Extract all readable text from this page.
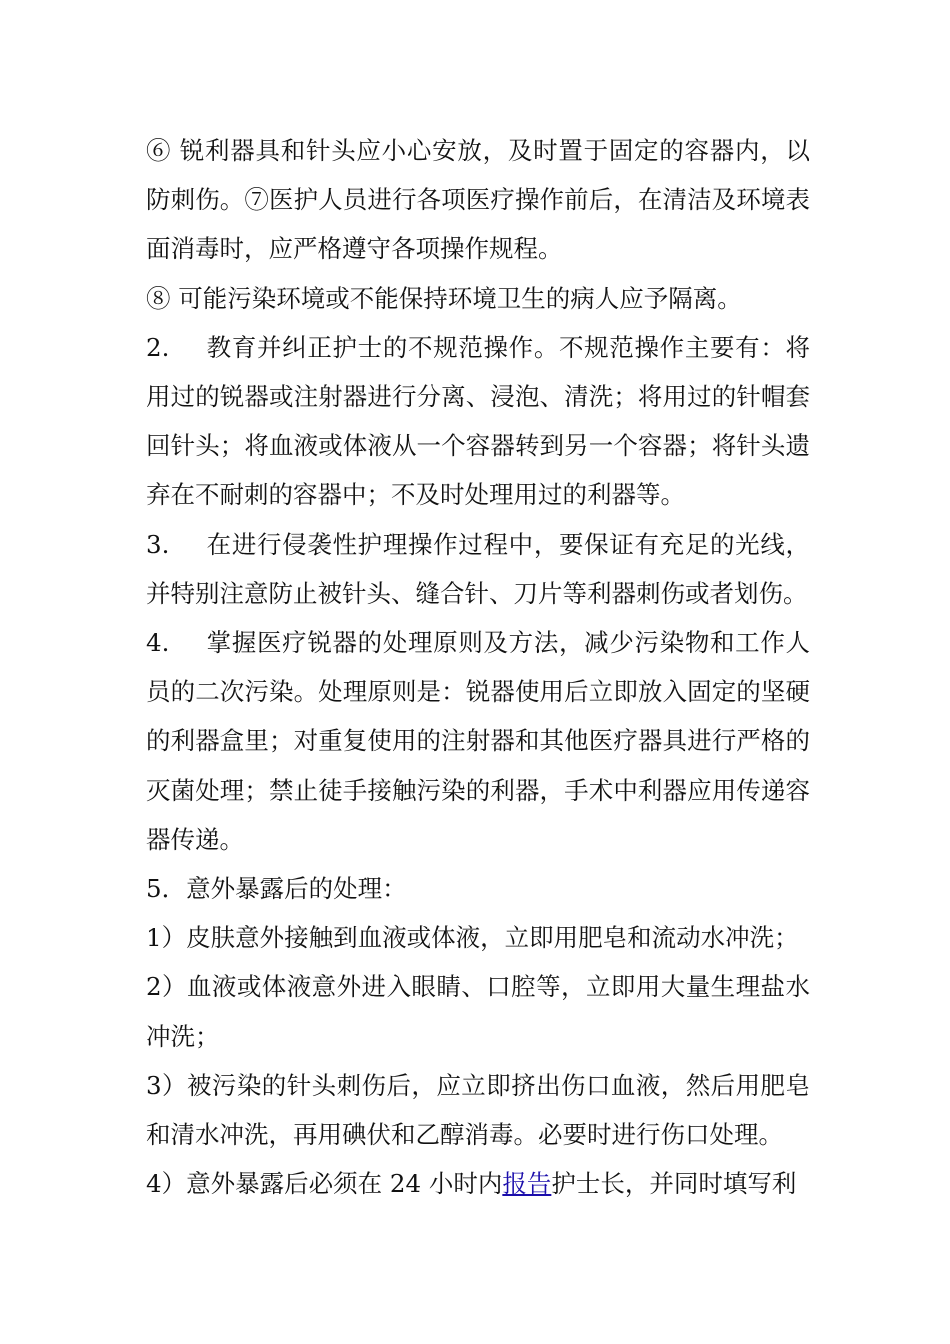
⑥ 锐利器具和针头应小心安放，及时置于固定的容器内，以防刺伤。⑦医护人员进行各项医疗操作前后，在清洁及环境表面消毒时，应严格遵守各项操作规程。

⑧ 可能污染环境或不能保持环境卫生的病人应予隔离。

2. 教育并纠正护士的不规范操作。不规范操作主要有：将用过的锐器或注射器进行分离、浸泡、清洗；将用过的针帽套回针头；将血液或体液从一个容器转到另一个容器；将针头遗弃在不耐刺的容器中；不及时处理用过的利器等。

3. 在进行侵袭性护理操作过程中，要保证有充足的光线，并特别注意防止被针头、缝合针、刀片等利器刺伤或者划伤。

4. 掌握医疗锐器的处理原则及方法，减少污染物和工作人员的二次污染。处理原则是：锐器使用后立即放入固定的坚硬的利器盒里；对重复使用的注射器和其他医疗器具进行严格的灭菌处理；禁止徒手接触污染的利器，手术中利器应用传递容器传递。

5．意外暴露后的处理：

1）皮肤意外接触到血液或体液，立即用肥皂和流动水冲洗；

2）血液或体液意外进入眼睛、口腔等，立即用大量生理盐水冲洗；

3）被污染的针头刺伤后，应立即挤出伤口血液，然后用肥皂和清水冲洗，再用碘伏和乙醇消毒。必要时进行伤口处理。

4）意外暴露后必须在 24 小时内报告护士长，并同时填写利
